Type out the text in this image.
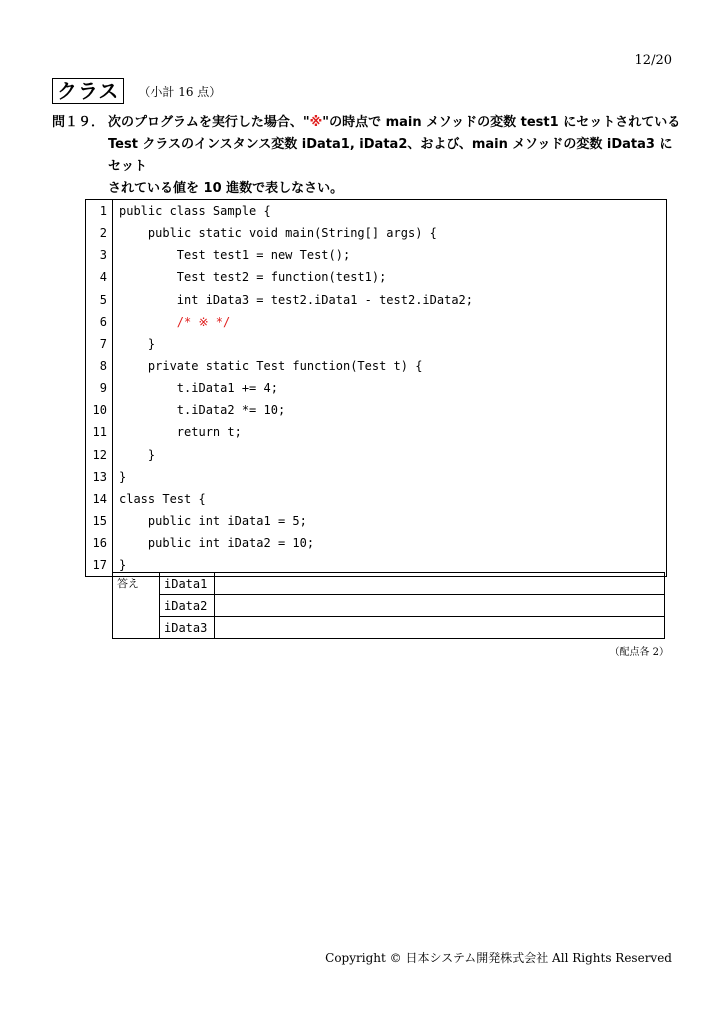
12/20
クラス	（小計 16 点）
問１９． 次のプログラムを実行した場合、"※"の時点で main メソッドの変数 test1 にセットされている
Test クラスのインスタンス変数 iData1, iData2、および、main メソッドの変数 iData3 にセット
されている値を 10 進数で表しなさい。
1	public class Sample {
2	public static void main(String[] args) {
3	Test test1 = new Test();
4	Test test2 = function(test1);
5	int iData3 = test2.iData1 - test2.iData2;
6	/* ※ */
7	}
8	private static Test function(Test t) {
9	t.iData1 += 4;
10	t.iData2 *= 10;
11	return t;
12	}
13	}
14	class Test {
15	public int iData1 = 5;
16	public int iData2 = 10;
17	}
答え	iData1	
	iData2	
	iData3	
（配点各 2）
Copyright © 日本システム開発株式会社 All Rights Reserved
